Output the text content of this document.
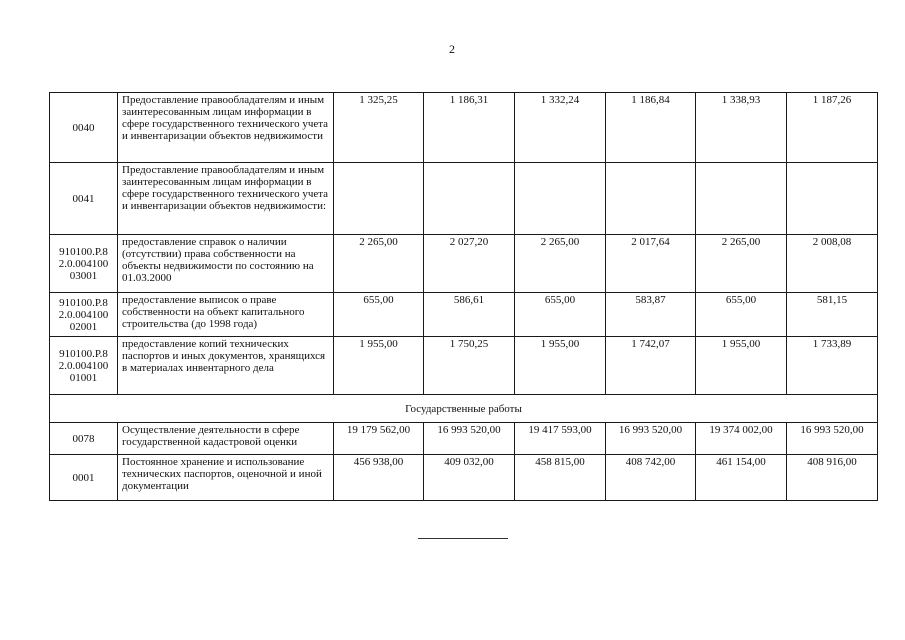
2
0040	Предоставление правообладателям и иным заинтересованным лицам информации в сфере государственного технического учета и инвентаризации объектов недвижимости	1 325,25	1 186,31	1 332,24	1 186,84	1 338,93	1 187,26
0041	Предоставление правообладателям и иным заинтересованным лицам информации в сфере государственного технического учета и инвентаризации объектов недвижимости:						
910100.Р.8 2.0.004100 03001	предоставление справок о наличии (отсутствии) права собственности на объекты недвижимости по состоянию на 01.03.2000	2 265,00	2 027,20	2 265,00	2 017,64	2 265,00	2 008,08
910100.Р.8 2.0.004100 02001	предоставление выписок о праве собственности на объект капитального строительства (до 1998 года)	655,00	586,61	655,00	583,87	655,00	581,15
910100.Р.8 2.0.004100 01001	предоставление копий технических паспортов и иных документов, хранящихся в материалах инвентарного дела	1 955,00	1 750,25	1 955,00	1 742,07	1 955,00	1 733,89
Государственные работы							
0078	Осуществление деятельности в сфере государственной кадастровой оценки	19 179 562,00	16 993 520,00	19 417 593,00	16 993 520,00	19 374 002,00	16 993 520,00
0001	Постоянное хранение и использование технических паспортов, оценочной и иной документации	456 938,00	409 032,00	458 815,00	408 742,00	461 154,00	408 916,00
